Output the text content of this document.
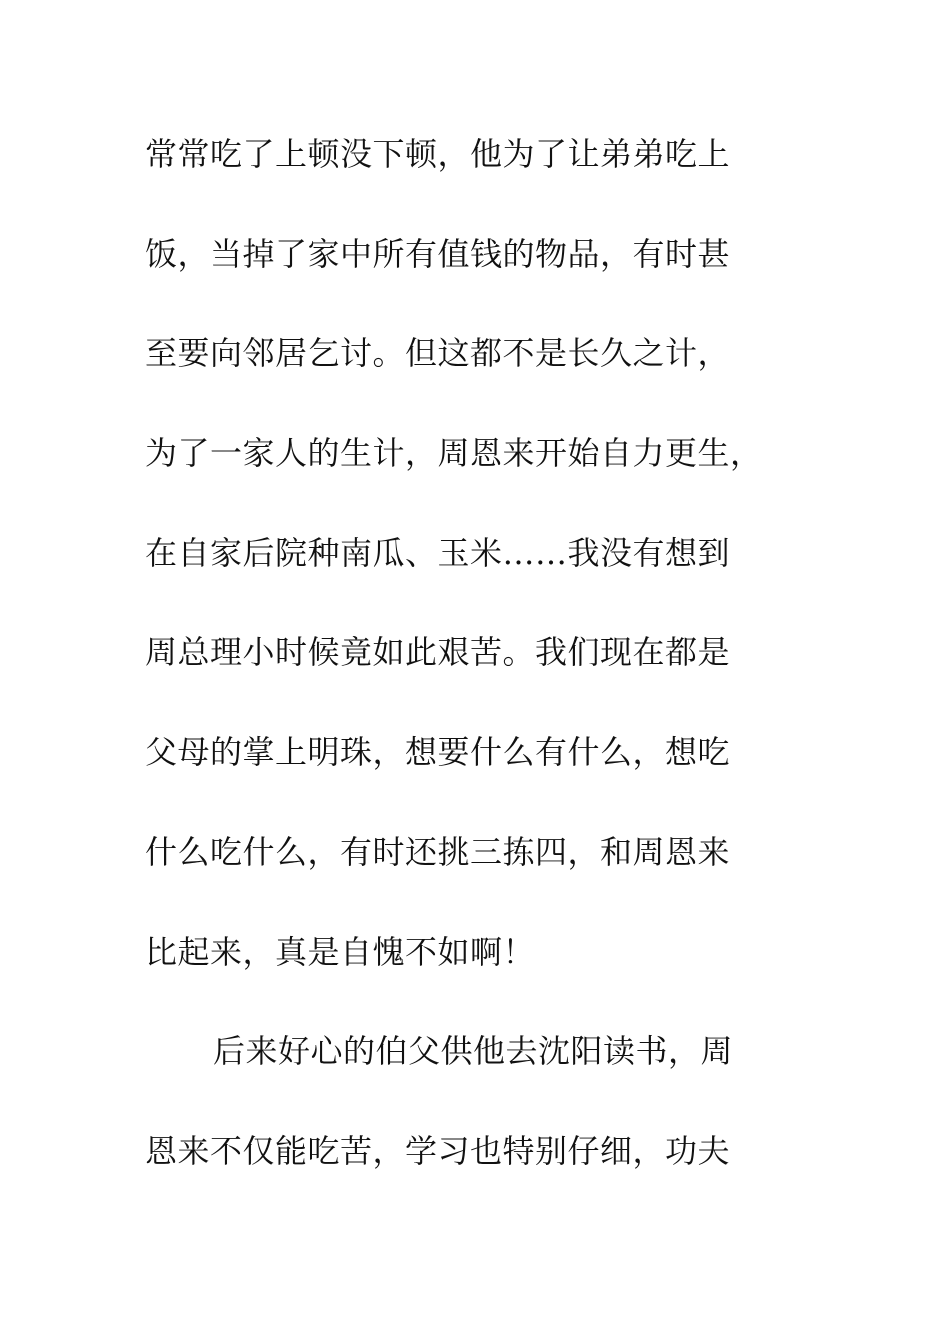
常常吃了上顿没下顿，他为了让弟弟吃上
饭，当掉了家中所有值钱的物品，有时甚
至要向邻居乞讨。但这都不是长久之计，
为了一家人的生计，周恩来开始自力更生，
在自家后院种南瓜、玉米……我没有想到
周总理小时候竟如此艰苦。我们现在都是
父母的掌上明珠，想要什么有什么，想吃
什么吃什么，有时还挑三拣四，和周恩来
比起来，真是自愧不如啊！
后来好心的伯父供他去沈阳读书，周
恩来不仅能吃苦，学习也特别仔细，功夫
